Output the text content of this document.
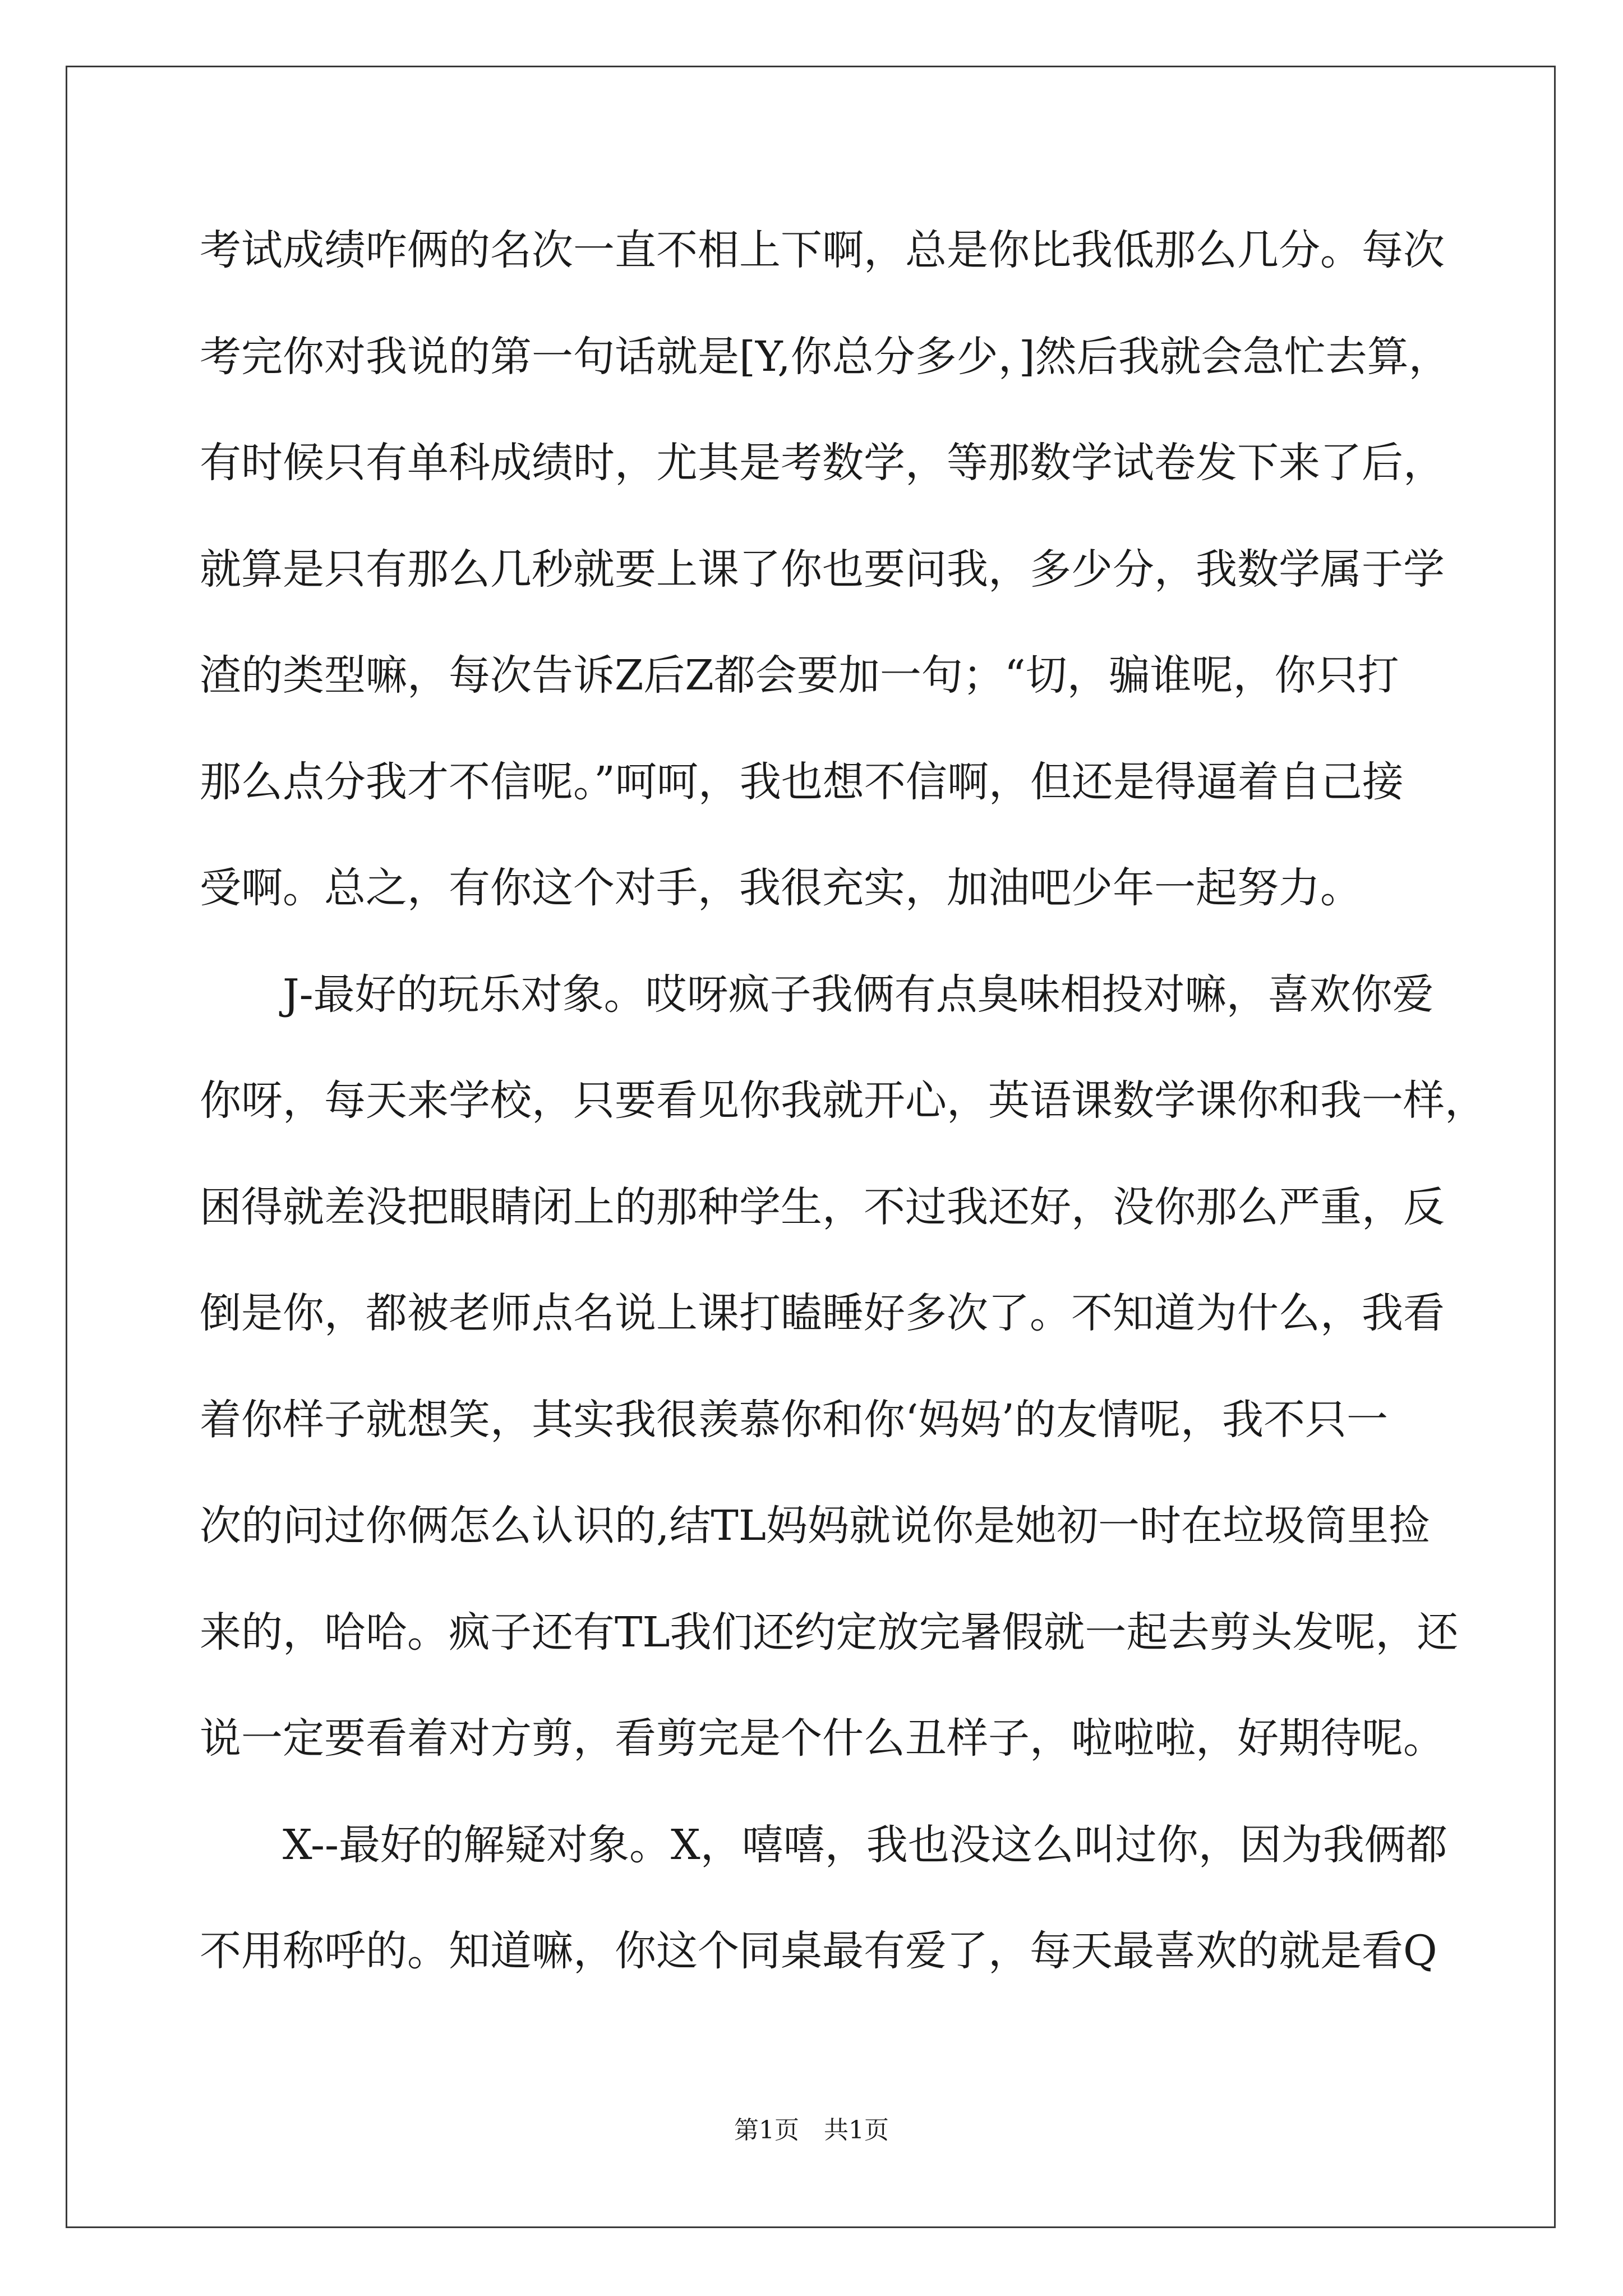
考试成绩咋俩的名次一直不相上下啊，总是你比我低那么几分。每次
考完你对我说的第一句话就是[Y,你总分多少，]然后我就会急忙去算，
有时候只有单科成绩时，尤其是考数学，等那数学试卷发下来了后，
就算是只有那么几秒就要上课了你也要问我，多少分，我数学属于学
渣的类型嘛，每次告诉Z后Z都会要加一句；“切，骗谁呢，你只打
那么点分我才不信呢。”呵呵，我也想不信啊，但还是得逼着自己接
受啊。总之，有你这个对手，我很充实，加油吧少年一起努力。
J-最好的玩乐对象。哎呀疯子我俩有点臭味相投对嘛，喜欢你爱
你呀，每天来学校，只要看见你我就开心，英语课数学课你和我一样，
困得就差没把眼睛闭上的那种学生，不过我还好，没你那么严重，反
倒是你，都被老师点名说上课打瞌睡好多次了。不知道为什么，我看
着你样子就想笑，其实我很羡慕你和你‘妈妈’的友情呢，我不只一
次的问过你俩怎么认识的,结TL妈妈就说你是她初一时在垃圾筒里捡
来的，哈哈。疯子还有TL我们还约定放完暑假就一起去剪头发呢，还
说一定要看着对方剪，看剪完是个什么丑样子，啦啦啦，好期待呢。
X--最好的解疑对象。X，嘻嘻，我也没这么叫过你，因为我俩都
不用称呼的。知道嘛，你这个同桌最有爱了，每天最喜欢的就是看Q
第1页 共1页
